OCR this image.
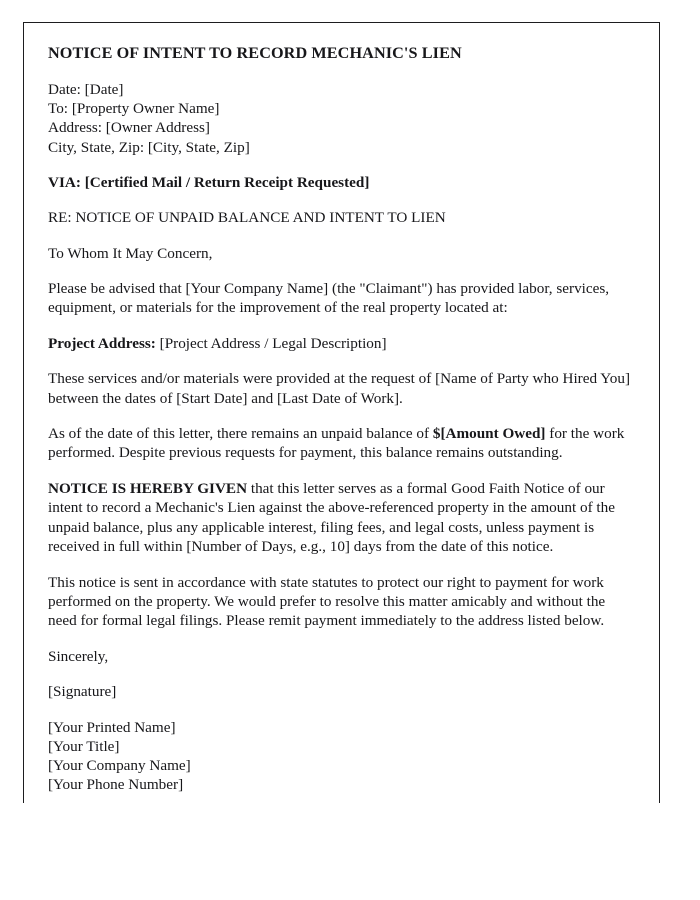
NOTICE OF INTENT TO RECORD MECHANIC'S LIEN
Date: [Date]
To: [Property Owner Name]
Address: [Owner Address]
City, State, Zip: [City, State, Zip]
VIA: [Certified Mail / Return Receipt Requested]
RE: NOTICE OF UNPAID BALANCE AND INTENT TO LIEN
To Whom It May Concern,
Please be advised that [Your Company Name] (the "Claimant") has provided labor, services, equipment, or materials for the improvement of the real property located at:
Project Address: [Project Address / Legal Description]
These services and/or materials were provided at the request of [Name of Party who Hired You] between the dates of [Start Date] and [Last Date of Work].
As of the date of this letter, there remains an unpaid balance of $[Amount Owed] for the work performed. Despite previous requests for payment, this balance remains outstanding.
NOTICE IS HEREBY GIVEN that this letter serves as a formal Good Faith Notice of our intent to record a Mechanic's Lien against the above-referenced property in the amount of the unpaid balance, plus any applicable interest, filing fees, and legal costs, unless payment is received in full within [Number of Days, e.g., 10] days from the date of this notice.
This notice is sent in accordance with state statutes to protect our right to payment for work performed on the property. We would prefer to resolve this matter amicably and without the need for formal legal filings. Please remit payment immediately to the address listed below.
Sincerely,
[Signature]
[Your Printed Name]
[Your Title]
[Your Company Name]
[Your Phone Number]
